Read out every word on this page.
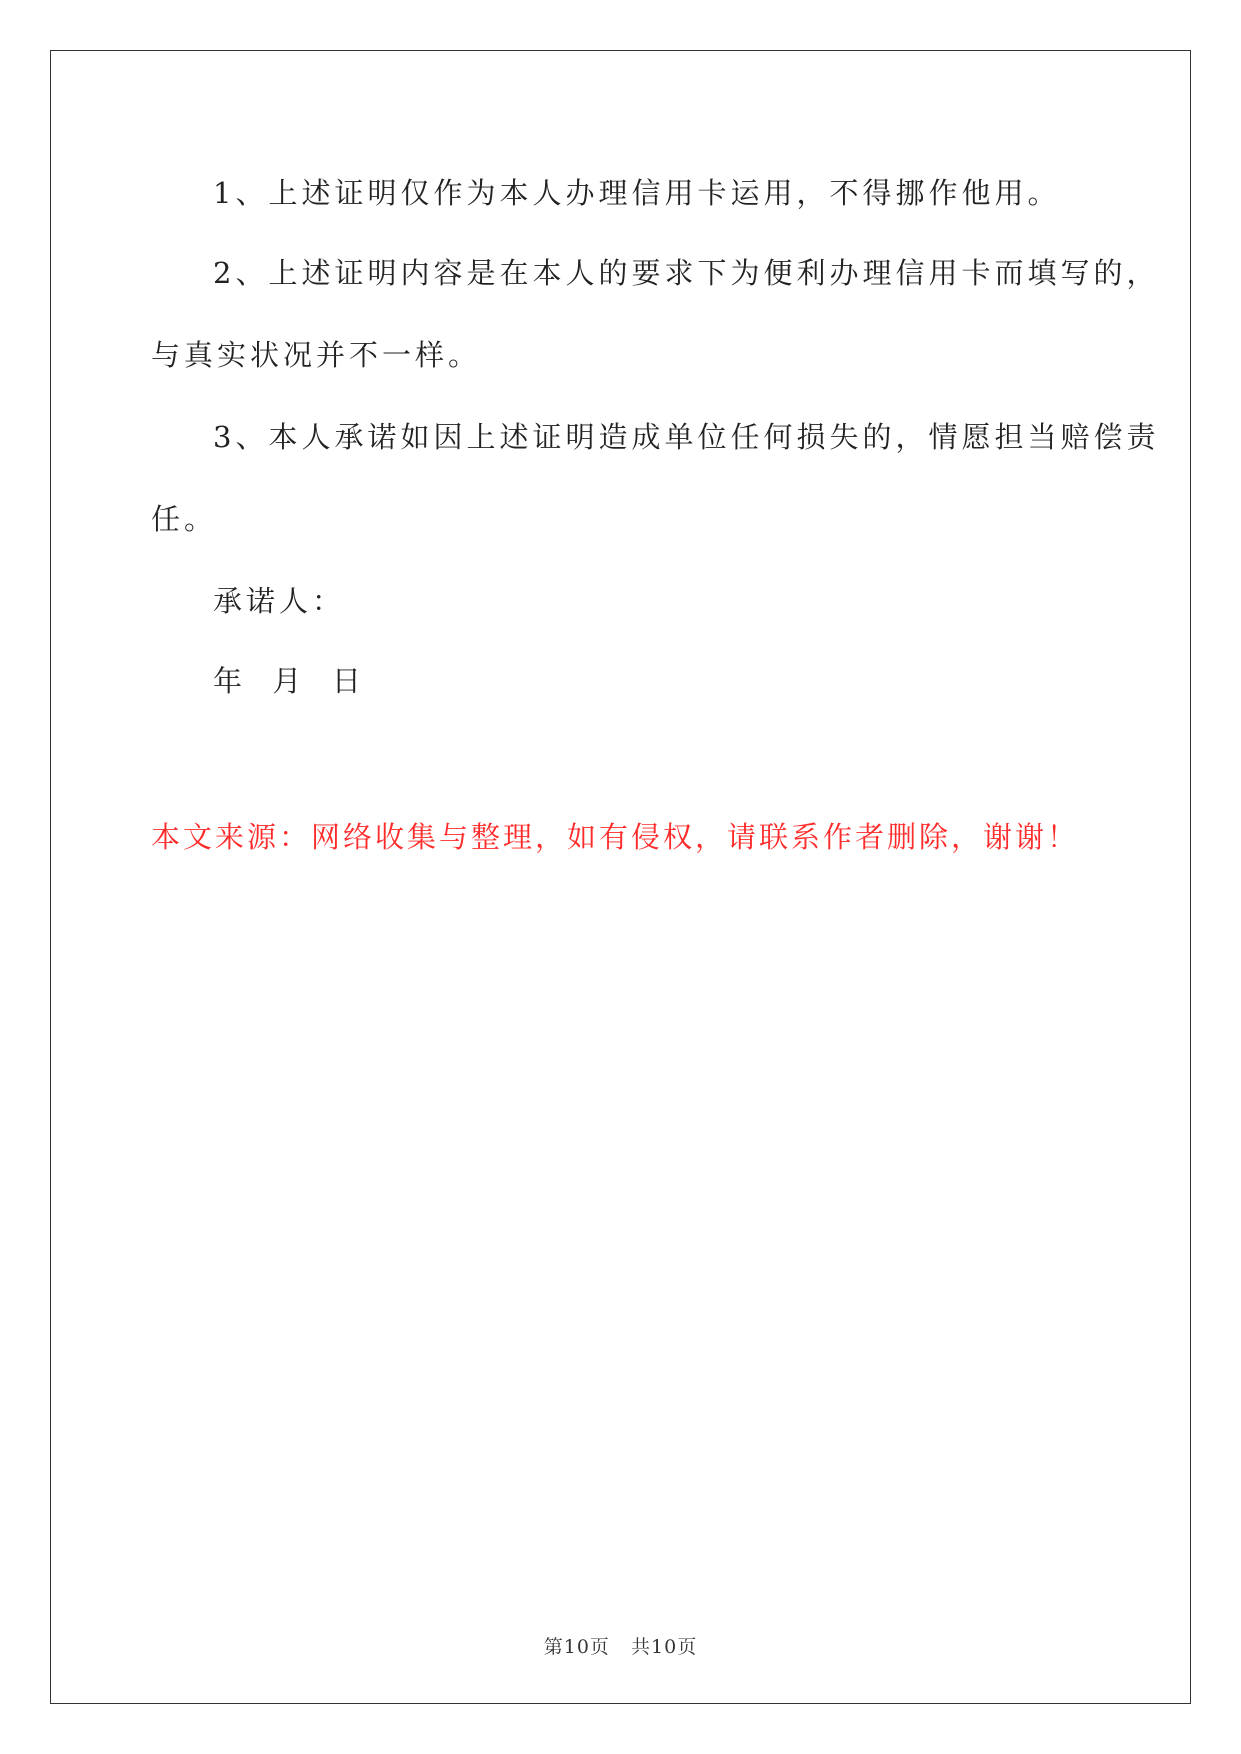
1、上述证明仅作为本人办理信用卡运用，不得挪作他用。
2、上述证明内容是在本人的要求下为便利办理信用卡而填写的，
与真实状况并不一样。
3、本人承诺如因上述证明造成单位任何损失的，情愿担当赔偿责
任。
承诺人：
年  月  日
本文来源：网络收集与整理，如有侵权，请联系作者删除，谢谢！
第10页   共10页
